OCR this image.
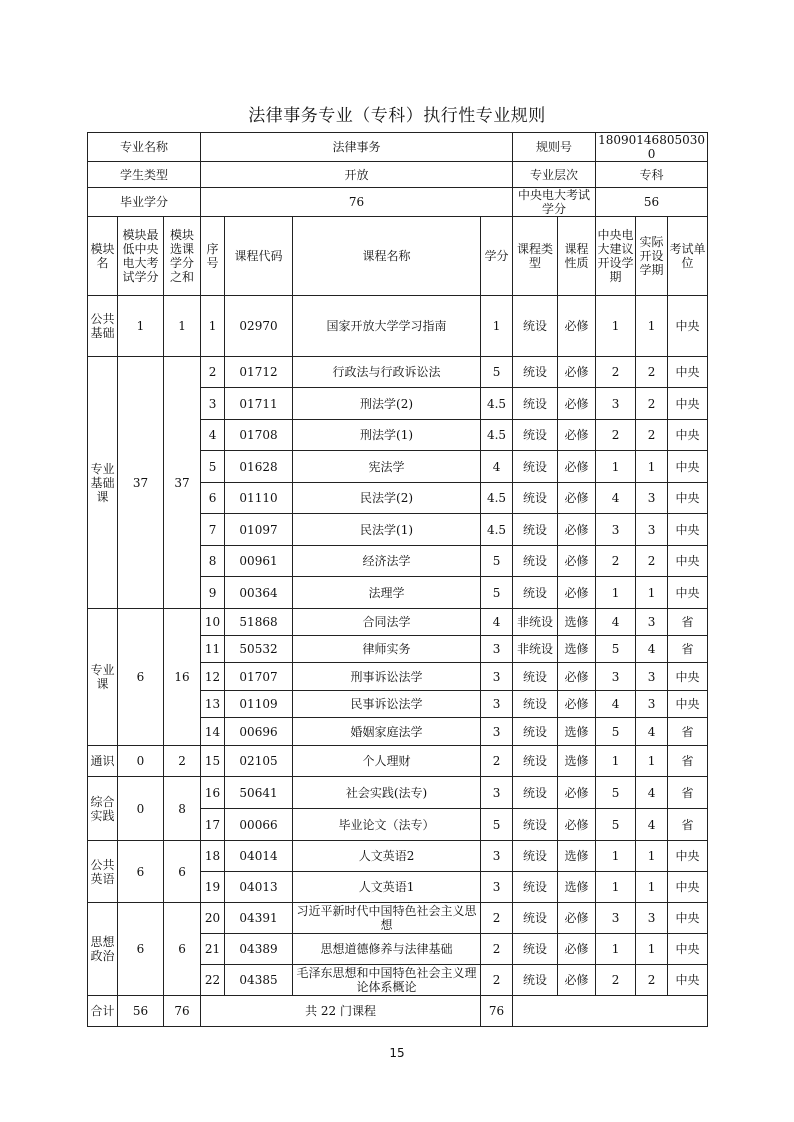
法律事务专业（专科）执行性专业规则
专业名称			法律事务				规则号		180901468050300		
学生类型			开放				专业层次		专科		
毕业学分			76				中央电大考试学分		56		
模块名	模块最低中央电大考试学分	模块选课学分之和	序号	课程代码	课程名称	学分	课程类型	课程性质	中央电大建议开设学期	实际开设学期	考试单位
公共基础	1	1	1	02970	国家开放大学学习指南	1	统设	必修	1	1	中央
专业基础课	37	37	2	01712	行政法与行政诉讼法	5	统设	必修	2	2	中央
			3	01711	刑法学(2)	4.5	统设	必修	3	2	中央
			4	01708	刑法学(1)	4.5	统设	必修	2	2	中央
			5	01628	宪法学	4	统设	必修	1	1	中央
			6	01110	民法学(2)	4.5	统设	必修	4	3	中央
			7	01097	民法学(1)	4.5	统设	必修	3	3	中央
			8	00961	经济法学	5	统设	必修	2	2	中央
			9	00364	法理学	5	统设	必修	1	1	中央
专业课	6	16	10	51868	合同法学	4	非统设	选修	4	3	省
			11	50532	律师实务	3	非统设	选修	5	4	省
			12	01707	刑事诉讼法学	3	统设	必修	3	3	中央
			13	01109	民事诉讼法学	3	统设	必修	4	3	中央
			14	00696	婚姻家庭法学	3	统设	选修	5	4	省
通识	0	2	15	02105	个人理财	2	统设	选修	1	1	省
综合实践	0	8	16	50641	社会实践(法专)	3	统设	必修	5	4	省
			17	00066	毕业论文（法专）	5	统设	必修	5	4	省
公共英语	6	6	18	04014	人文英语2	3	统设	选修	1	1	中央
			19	04013	人文英语1	3	统设	选修	1	1	中央
思想政治	6	6	20	04391	习近平新时代中国特色社会主义思想	2	统设	必修	3	3	中央
			21	04389	思想道德修养与法律基础	2	统设	必修	1	1	中央
			22	04385	毛泽东思想和中国特色社会主义理论体系概论	2	统设	必修	2	2	中央
合计	56	76	共 22 门课程			76					
15
